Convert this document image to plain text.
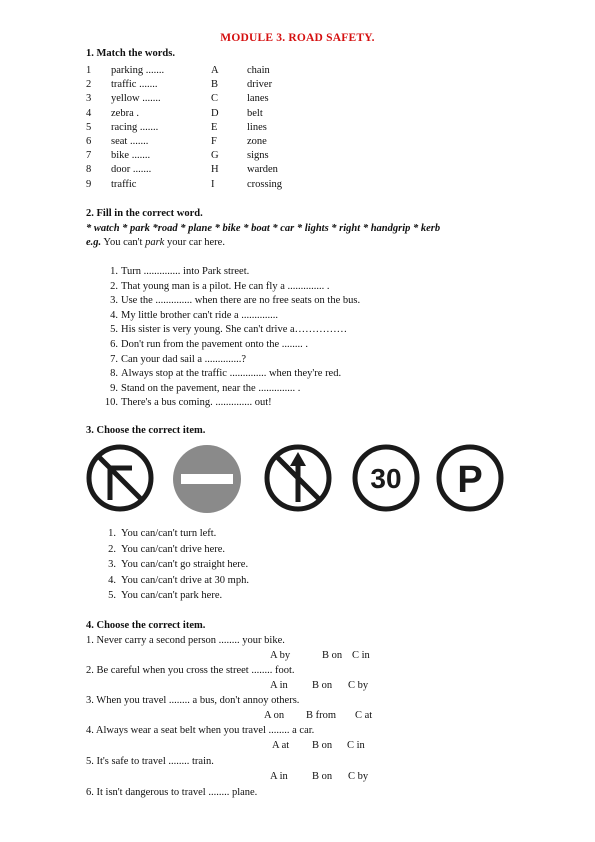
MODULE 3. ROAD SAFETY.
1. Match the words.
1 parking .......	A	chain
2 traffic .......	B	driver
3 yellow .......	C	lanes
4 zebra .	D	belt
5 racing .......	E	lines
6 seat .......	F	zone
7 bike .......	G	signs
8 door .......	H	warden
9 traffic	I	crossing
2. Fill in the correct word.
* watch * park *road * plane * bike * boat * car * lights * right * handgrip * kerb
e.g. You can't park your car here.
1. Turn .............. into Park street.
2. That young man is a pilot. He can fly a .............. .
3. Use the .............. when there are no free seats on the bus.
4. My little brother can't ride a ..............
5. His sister is very young. She can't drive a……………
6. Don't run from the pavement onto the ........ .
7. Can your dad sail a ..............?
8. Always stop at the traffic .............. when they're red.
9. Stand on the pavement, near the .............. .
10. There's a bus coming. .............. out!
3. Choose the correct item.
30 P
1. You can/can't turn left.
2. You can/can't drive here.
3. You can/can't go straight here.
4. You can/can't drive at 30 mph.
5. You can/can't park here.
4. Choose the correct item.
1. Never carry a second person ........ your bike.
A by	B on C in
2. Be careful when you cross the street ........ foot.
A in B on C by
3. When you travel ........ a bus, don't annoy others.
A on B from C at
4. Always wear a seat belt when you travel ........ a car.
A at B on C in
5. It's safe to travel ........ train.
A in B on C by
6. It isn't dangerous to travel ........ plane.
